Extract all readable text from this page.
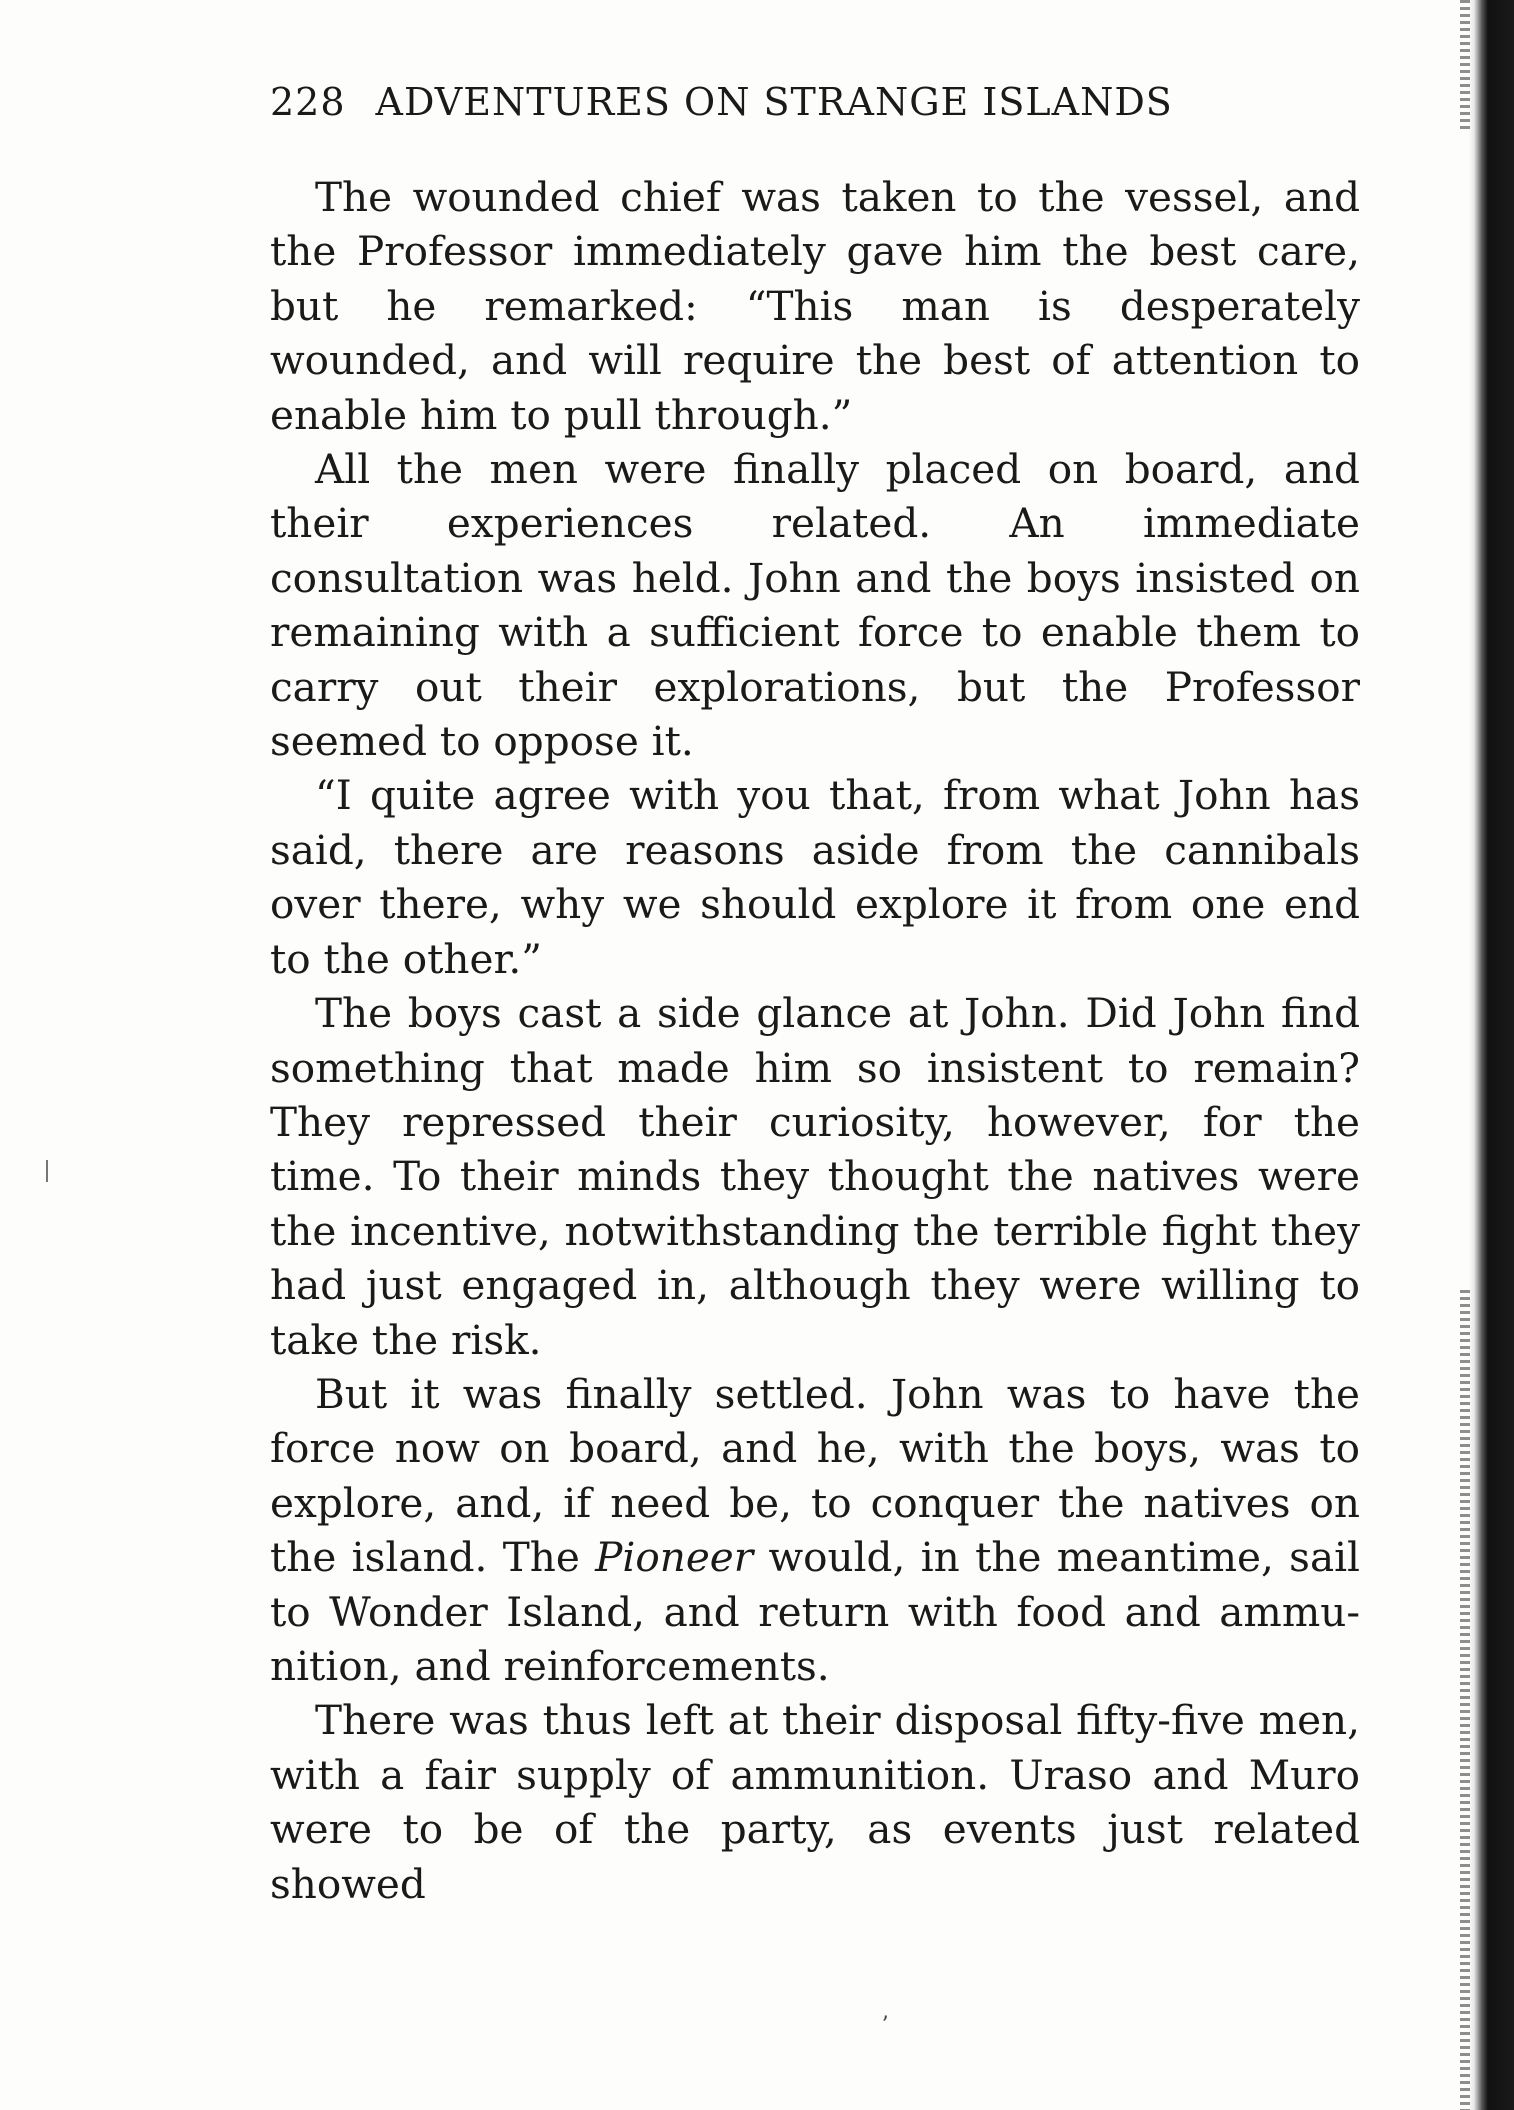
228 ADVENTURES ON STRANGE ISLANDS

The wounded chief was taken to the vessel, and the Professor immediately gave him the best care, but he remarked: “This man is desperately wounded, and will require the best of attention to enable him to pull through.”

All the men were finally placed on board, and their experiences related. An immediate consultation was held. John and the boys insisted on remaining with a sufficient force to enable them to carry out their explorations, but the Professor seemed to oppose it.

“I quite agree with you that, from what John has said, there are reasons aside from the cannibals over there, why we should explore it from one end to the other.”

The boys cast a side glance at John. Did John find something that made him so insistent to remain? They repressed their curiosity, however, for the time. To their minds they thought the natives were the incentive, notwithstanding the terrible fight they had just engaged in, although they were willing to take the risk.

But it was finally settled. John was to have the force now on board, and he, with the boys, was to explore, and, if need be, to conquer the natives on the island. The Pioneer would, in the meantime, sail to Wonder Island, and return with food and ammunition, and reinforcements.

There was thus left at their disposal fifty-five men, with a fair supply of ammunition. Uraso and Muro were to be of the party, as events just related showed

ʼ
